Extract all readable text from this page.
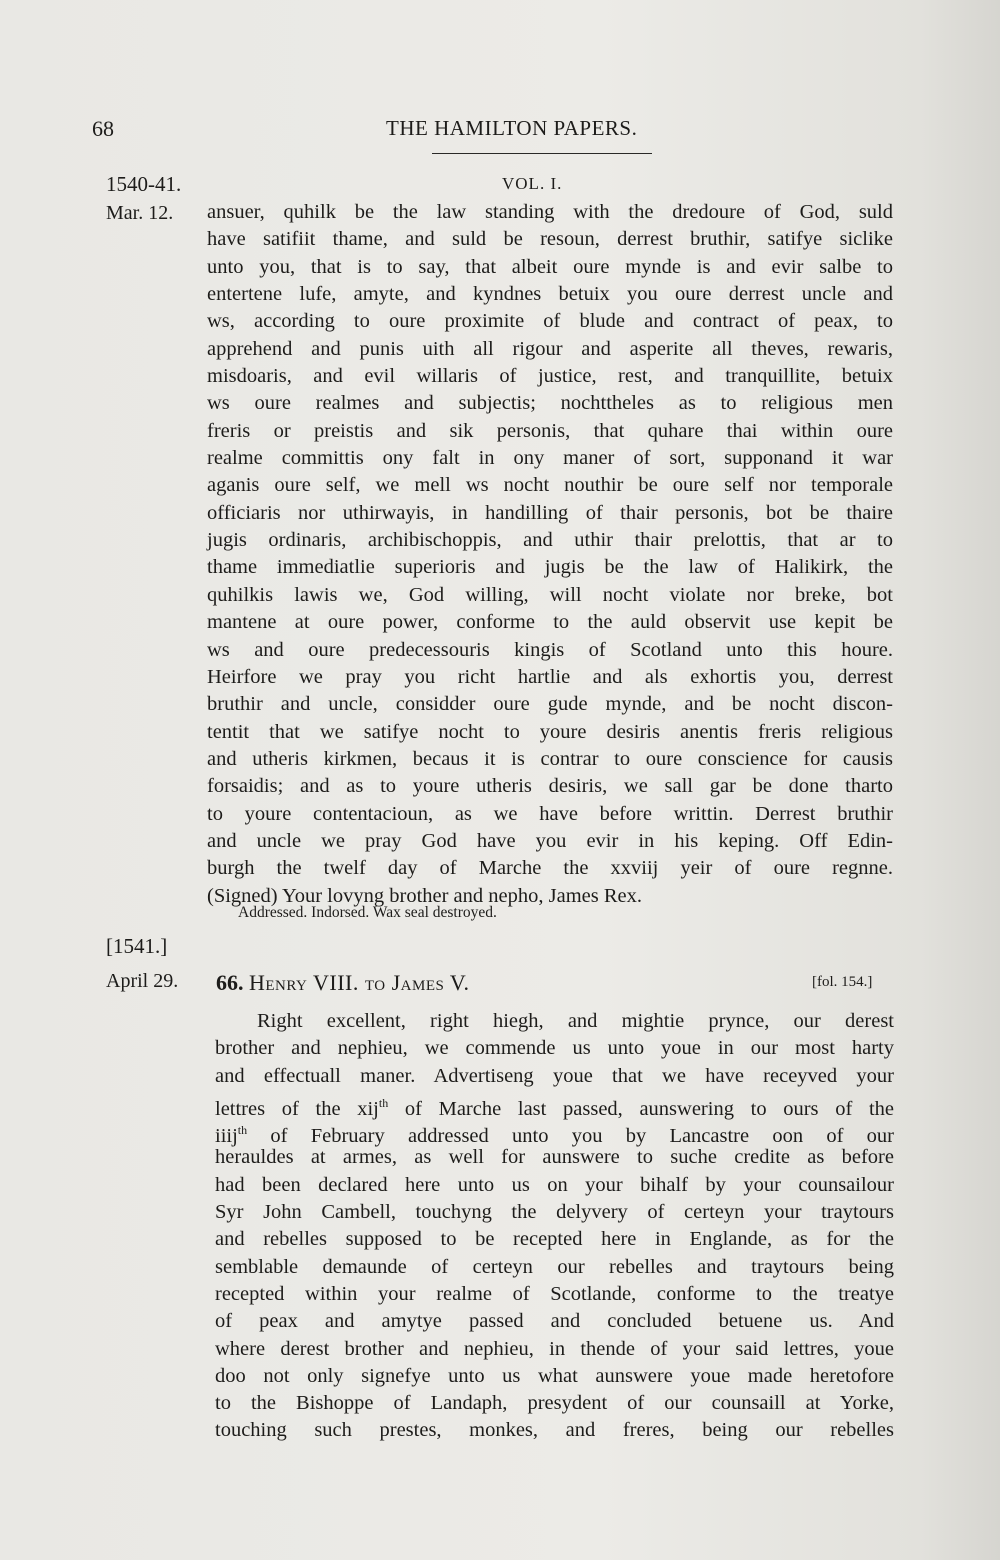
68	THE HAMILTON PAPERS.
1540-41.	VOL. I.
Mar. 12. ansuer, quhilk be the law standing with the dredoure of God, suld
have satifiit thame, and suld be resoun, derrest bruthir, satifye siclike
unto you, that is to say, that albeit oure mynde is and evir salbe to
entertene lufe, amyte, and kyndnes betuix you oure derrest uncle and
ws, according to oure proximite of blude and contract of peax, to
apprehend and punis uith all rigour and asperite all theves, rewaris,
misdoaris, and evil willaris of justice, rest, and tranquillite, betuix
ws oure realmes and subjectis; nochttheles as to religious men
freris or preistis and sik personis, that quhare thai within oure
realme committis ony falt in ony maner of sort, supponand it war
aganis oure self, we mell ws nocht nouthir be oure self nor temporale
officiaris nor uthirwayis, in handilling of thair personis, bot be thaire
jugis ordinaris, archibischoppis, and uthir thair prelottis, that ar to
thame immediatlie superioris and jugis be the law of Halikirk, the
quhilkis lawis we, God willing, will nocht violate nor breke, bot
mantene at oure power, conforme to the auld observit use kepit be
ws and oure predecessouris kingis of Scotland unto this houre.
Heirfore we pray you richt hartlie and als exhortis you, derrest
bruthir and uncle, considder oure gude mynde, and be nocht discon-
tentit that we satifye nocht to youre desiris anentis freris religious
and utheris kirkmen, becaus it is contrar to oure conscience for causis
forsaidis; and as to youre utheris desiris, we sall gar be done tharto
to youre contentacioun, as we have before writtin. Derrest bruthir
and uncle we pray God have you evir in his keping. Off Edin-
burgh the twelf day of Marche the xxviij yeir of oure regnne.
(Signed) Your lovyng brother and nepho, James Rex.
Addressed. Indorsed. Wax seal destroyed.
[1541.]
April 29. 66. Henry VIII. to James V.	[fol. 154.]
Right excellent, right hiegh, and mightie prynce, our derest
brother and nephieu, we commende us unto youe in our most harty
and effectuall maner. Advertiseng youe that we have receyved your
lettres of the xij$^{th}$ of Marche last passed, aunswering to ours of the
iiij$^{th}$ of February addressed unto you by Lancastre oon of our
herauldes at armes, as well for aunswere to suche credite as before
had been declared here unto us on your bihalf by your counsailour
Syr John Cambell, touchyng the delyvery of certeyn your traytours
and rebelles supposed to be recepted here in Englande, as for the
semblable demaunde of certeyn our rebelles and traytours being
recepted within your realme of Scotlande, conforme to the treatye
of peax and amytye passed and concluded betuene us. And
where derest brother and nephieu, in thende of your said lettres, youe
doo not only signefye unto us what aunswere youe made heretofore
to the Bishoppe of Landaph, presydent of our counsaill at Yorke,
touching such prestes, monkes, and freres, being our rebelles
